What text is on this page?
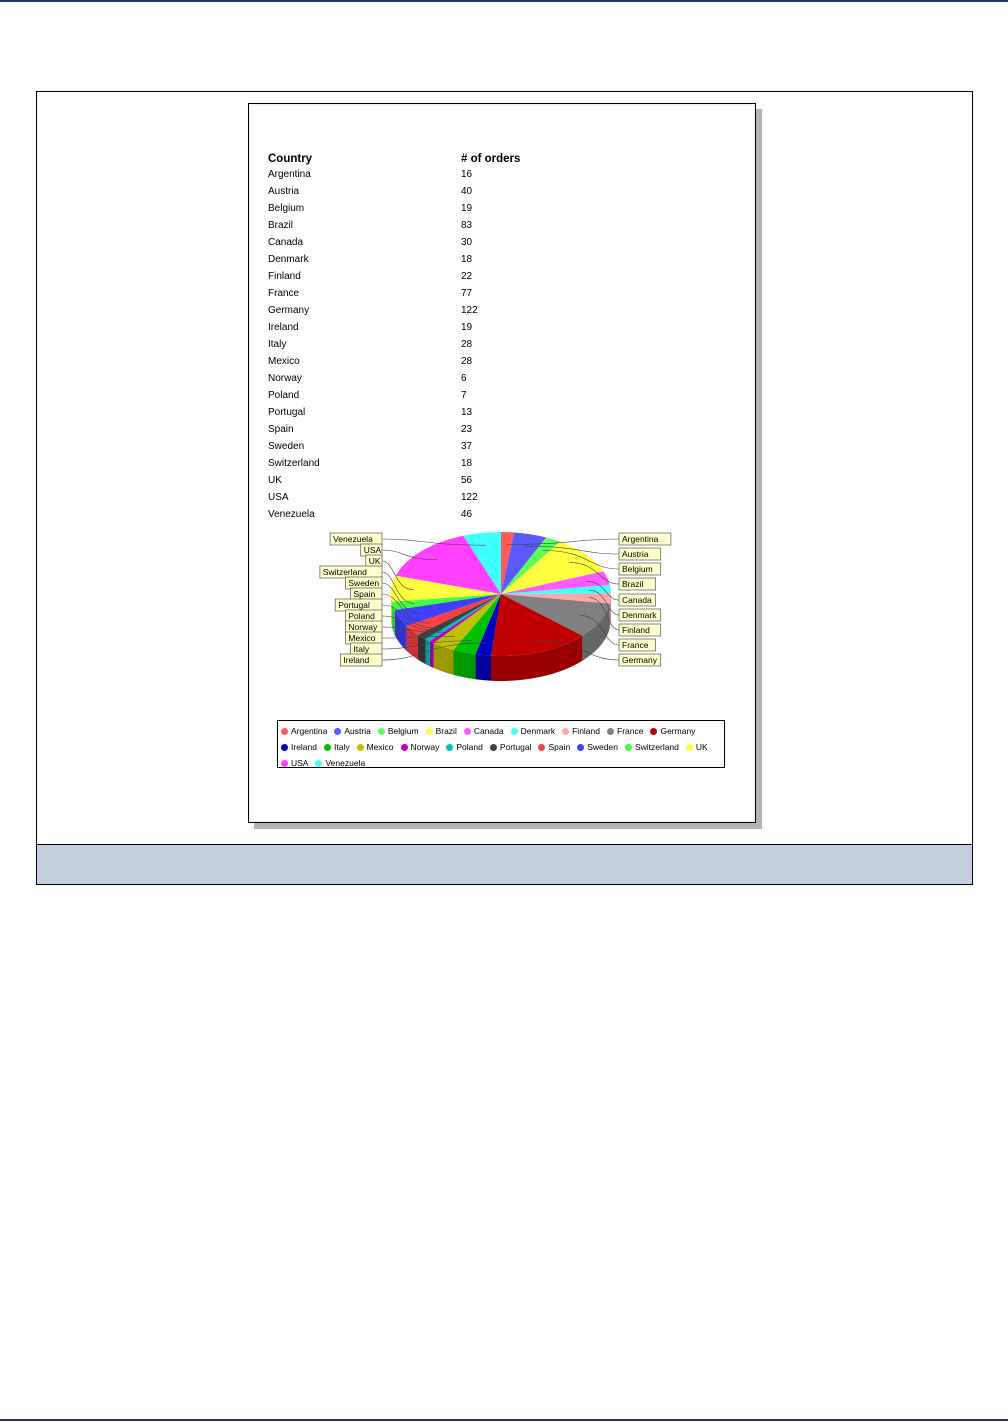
Country	# of orders
Argentina	16
Austria	40
Belgium	19
Brazil	83
Canada	30
Denmark	18
Finland	22
France	77
Germany	122
Ireland	19
Italy	28
Mexico	28
Norway	6
Poland	7
Portugal	13
Spain	23
Sweden	37
Switzerland	18
UK	56
USA	122
Venezuela	46
Argentina
Austria
Belgium
Brazil
Canada
Denmark
Finland
France
Germany
Venezuela
USA
UK
Switzerland
Sweden
Spain
Portugal
Poland
Norway
Mexico
Italy
Ireland
Argentina Austria Belgium Brazil Canada Denmark Finland France Germany
Ireland Italy Mexico Norway Poland Portugal Spain Sweden Switzerland UK
USA Venezuela
